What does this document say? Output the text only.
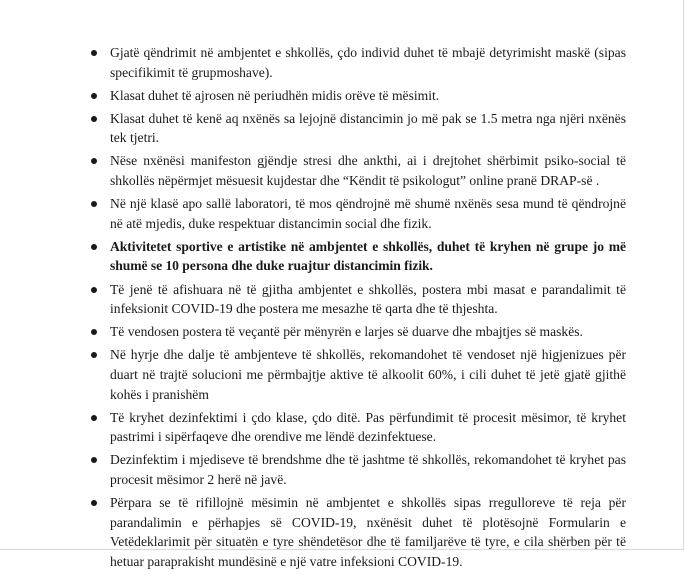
Gjatë qëndrimit në ambjentet e shkollës, çdo individ duhet të mbajë detyrimisht maskë (sipas specifikimit të grupmoshave).
Klasat duhet të ajrosen në periudhën midis orëve të mësimit.
Klasat duhet të kenë aq nxënës sa lejojnë distancimin jo më pak se 1.5 metra nga njëri nxënës tek tjetri.
Nëse nxënësi manifeston gjëndje stresi dhe ankthi, ai i drejtohet shërbimit psiko-social të shkollës nëpërmjet mësuesit kujdestar dhe “Këndit të psikologut” online pranë DRAP-së .
Në një klasë apo sallë laboratori, të mos qëndrojnë më shumë nxënës sesa mund të qëndrojnë në atë mjedis, duke respektuar distancimin social dhe fizik.
Aktivitetet sportive e artistike në ambjentet e shkollës, duhet të kryhen në grupe jo më shumë se 10 persona dhe duke ruajtur distancimin fizik.
Të jenë të afishuara në të gjitha ambjentet e shkollës, postera mbi masat e parandalimit të infeksionit COVID-19 dhe postera me mesazhe të qarta dhe të thjeshta.
Të vendosen postera të veçantë për mënyrën e larjes së duarve dhe mbajtjes së maskës.
Në hyrje dhe dalje të ambjenteve të shkollës, rekomandohet të vendoset një higjenizues për duart në trajtë solucioni me përmbajtje aktive të alkoolit 60%, i cili duhet të jetë gjatë gjithë kohës i pranishëm
Të kryhet dezinfektimi i çdo klase, çdo ditë. Pas përfundimit të procesit mësimor, të kryhet pastrimi i sipërfaqeve dhe orendive me lëndë dezinfektuese.
Dezinfektim i mjediseve të brendshme dhe të jashtme të shkollës, rekomandohet të kryhet pas procesit mësimor 2 herë në javë.
Përpara se të rifillojnë mësimin në ambjentet e shkollës sipas rregulloreve të reja për parandalimin e përhapjes së COVID-19, nxënësit duhet të plotësojnë Formularin e Vetëdeklarimit për situatën e tyre shëndetësor dhe të familjarëve të tyre, e cila shërben për të hetuar paraprakisht mundësinë e një vatre infeksioni COVID-19.
